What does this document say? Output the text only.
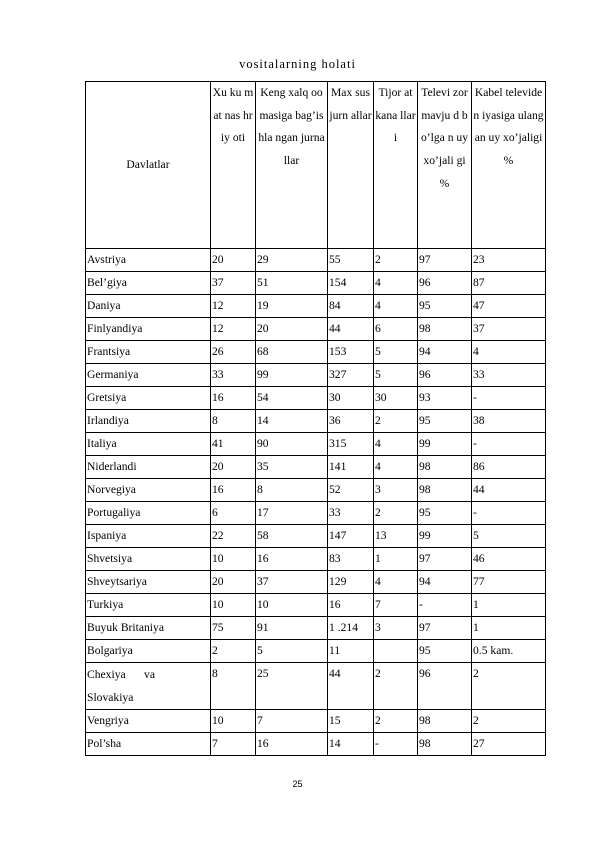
vositalarning holati
Davlatlar	Xu ku mat nas hriy oti	Keng xalq oomasiga bag’ishla ngan jurnallar	Max sus jurn allar	Tijor at kana llari	Televi zor mavju d bo’lga n uy xo’jali gi %	Kabel televiden iyasiga ulangan uy xo’jaligi %
Avstriya	20	29	55	2	97	23
Bel’giya	37	51	154	4	96	87
Daniya	12	19	84	4	95	47
Finlyandiya	12	20	44	6	98	37
Frantsiya	26	68	153	5	94	4
Germaniya	33	99	327	5	96	33
Gretsiya	16	54	30	30	93	-
Irlandiya	8	14	36	2	95	38
Italiya	41	90	315	4	99	-
Niderlandi	20	35	141	4	98	86
Norvegiya	16	8	52	3	98	44
Portugaliya	6	17	33	2	95	-
Ispaniya	22	58	147	13	99	5
Shvetsiya	10	16	83	1	97	46
Shveytsariya	20	37	129	4	94	77
Turkiya	10	10	16	7	-	1
Buyuk Britaniya	75	91	1 .214	3	97	1
Bolgariya	2	5	11		95	0.5 kam.

Chexiya va Slovakiya	8	25	44	2	96	2
Vengriya	10	7	15	2	98	2
Pol’sha	7	16	14	-	98	27
25
